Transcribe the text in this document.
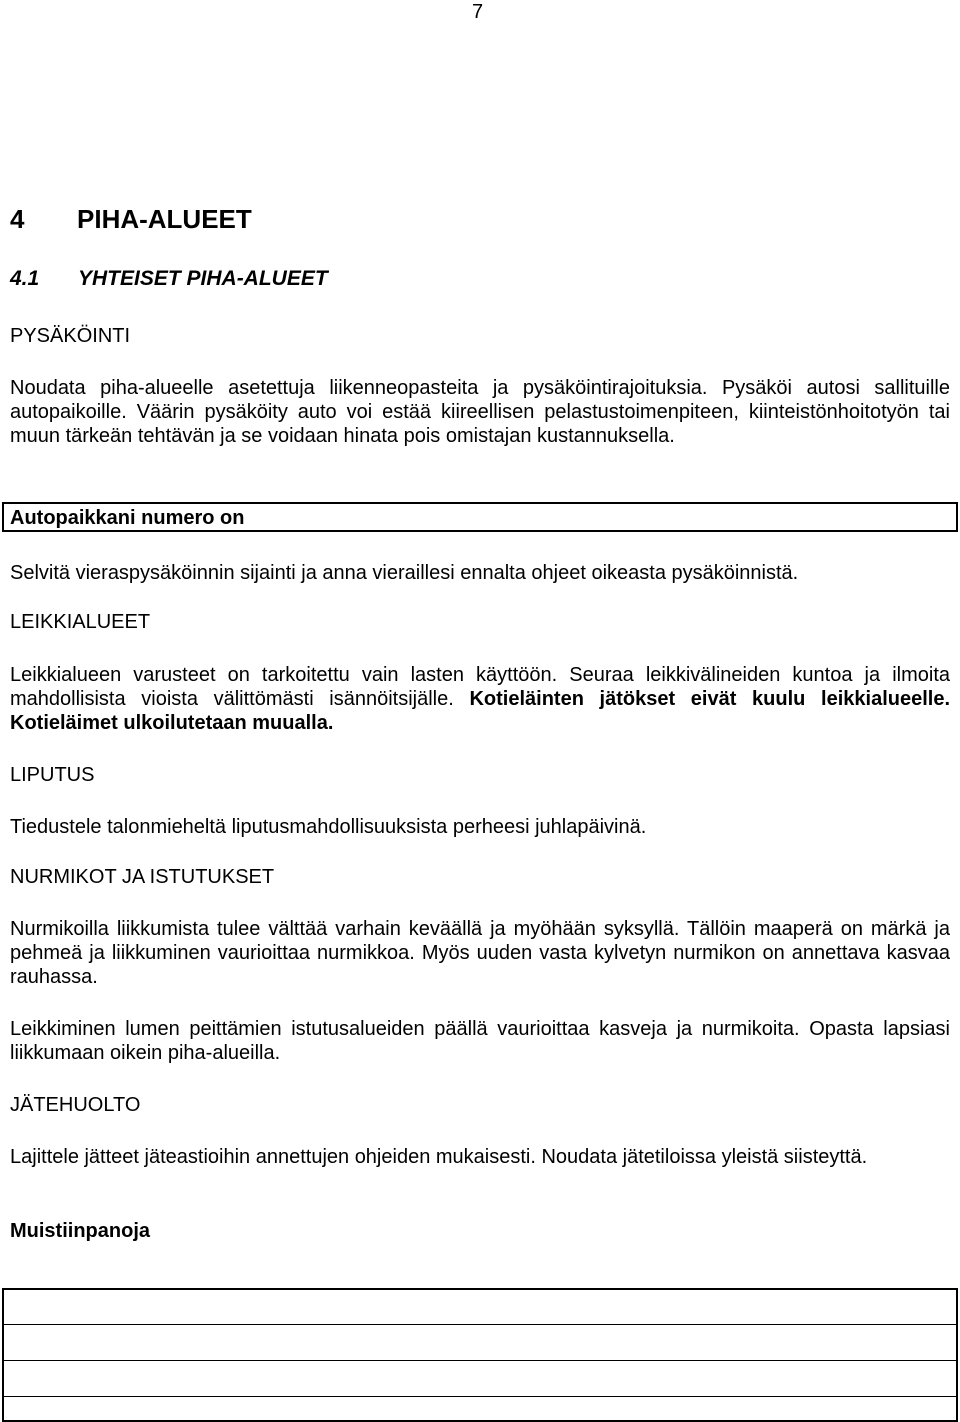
7
4 PIHA-ALUEET
4.1 YHTEISET PIHA-ALUEET
PYSÄKÖINTI
Noudata piha-alueelle asetettuja liikenneopasteita ja pysäköintirajoituksia. Pysäköi autosi sallituille autopaikoille. Väärin pysäköity auto voi estää kiireellisen pelastustoimenpiteen, kiinteistönhoitotyön tai muun tärkeän tehtävän ja se voidaan hinata pois omistajan kustannuksella.
Autopaikkani numero on
Selvitä vieraspysäköinnin sijainti ja anna vieraillesi ennalta ohjeet oikeasta pysäköinnistä.
LEIKKIALUEET
Leikkialueen varusteet on tarkoitettu vain lasten käyttöön. Seuraa leikkivälineiden kuntoa ja ilmoita mahdollisista vioista välittömästi isännöitsijälle. Kotieläinten jätökset eivät kuulu leikkialueelle. Kotieläimet ulkoilutetaan muualla.
LIPUTUS
Tiedustele talonmieheltä liputusmahdollisuuksista perheesi juhlapäivinä.
NURMIKOT JA ISTUTUKSET
Nurmikoilla liikkumista tulee välttää varhain keväällä ja myöhään syksyllä. Tällöin maaperä on märkä ja pehmeä ja liikkuminen vaurioittaa nurmikkoa. Myös uuden vasta kylvetyn nurmikon on annettava kasvaa rauhassa.
Leikkiminen lumen peittämien istutusalueiden päällä vaurioittaa kasveja ja nurmikoita. Opasta lapsiasi liikkumaan oikein piha-alueilla.
JÄTEHUOLTO
Lajittele jätteet jäteastioihin annettujen ohjeiden mukaisesti. Noudata jätetiloissa yleistä siisteyttä.
Muistiinpanoja
